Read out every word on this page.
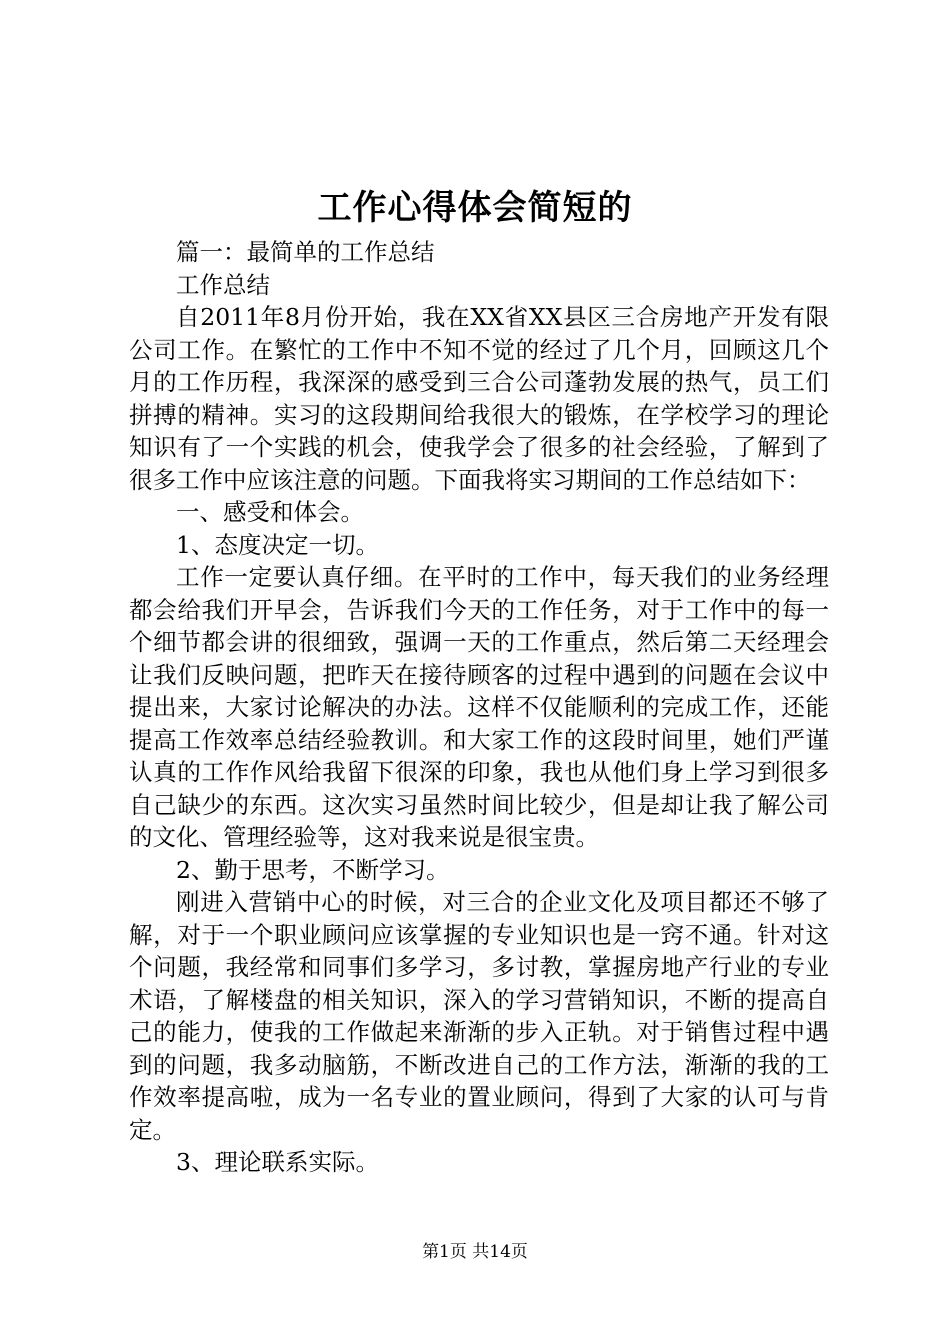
工作心得体会简短的

篇一：最简单的工作总结

工作总结

自2011年8月份开始，我在XX省XX县区三合房地产开发有限公司工作。在繁忙的工作中不知不觉的经过了几个月，回顾这几个月的工作历程，我深深的感受到三合公司蓬勃发展的热气，员工们拼搏的精神。实习的这段期间给我很大的锻炼，在学校学习的理论知识有了一个实践的机会，使我学会了很多的社会经验，了解到了很多工作中应该注意的问题。下面我将实习期间的工作总结如下：

一、感受和体会。

1、态度决定一切。

工作一定要认真仔细。在平时的工作中，每天我们的业务经理都会给我们开早会，告诉我们今天的工作任务，对于工作中的每一个细节都会讲的很细致，强调一天的工作重点，然后第二天经理会让我们反映问题，把昨天在接待顾客的过程中遇到的问题在会议中提出来，大家讨论解决的办法。这样不仅能顺利的完成工作，还能提高工作效率总结经验教训。和大家工作的这段时间里，她们严谨认真的工作作风给我留下很深的印象，我也从他们身上学习到很多自己缺少的东西。这次实习虽然时间比较少，但是却让我了解公司的文化、管理经验等，这对我来说是很宝贵。

2、勤于思考，不断学习。

刚进入营销中心的时候，对三合的企业文化及项目都还不够了解，对于一个职业顾问应该掌握的专业知识也是一窍不通。针对这个问题，我经常和同事们多学习，多讨教，掌握房地产行业的专业术语，了解楼盘的相关知识，深入的学习营销知识，不断的提高自己的能力，使我的工作做起来渐渐的步入正轨。对于销售过程中遇到的问题，我多动脑筋，不断改进自己的工作方法，渐渐的我的工作效率提高啦，成为一名专业的置业顾问，得到了大家的认可与肯定。

3、理论联系实际。

第1页 共14页
